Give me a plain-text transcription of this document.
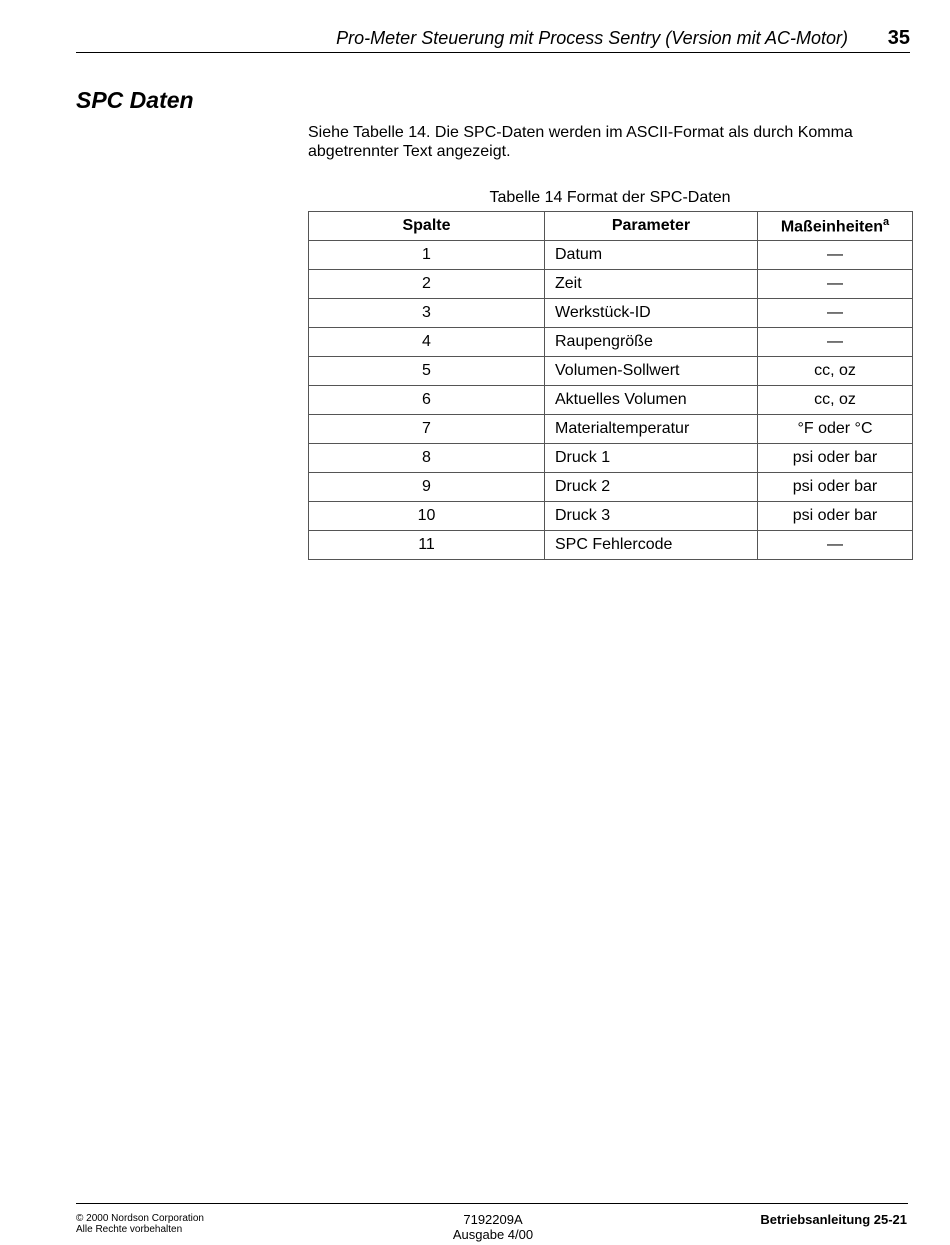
Pro-Meter Steuerung mit Process Sentry (Version mit AC-Motor) 35
SPC Daten
Siehe Tabelle 14. Die SPC-Daten werden im ASCII-Format als durch Komma
abgetrennter Text angezeigt.
Tabelle 14 Format der SPC-Daten
Spalte	Parameter	Maßeinheiten$^a$
1	Datum	—
2	Zeit	—
3	Werkstück-ID	—
4	Raupengröße	—
5	Volumen-Sollwert	cc, oz
6	Aktuelles Volumen	cc, oz
7	Materialtemperatur	°F oder °C
8	Druck 1	psi oder bar
9	Druck 2	psi oder bar
10	Druck 3	psi oder bar
11	SPC Fehlercode	—
© 2000 Nordson Corporation
Alle Rechte vorbehalten
7192209A
Ausgabe 4/00
Betriebsanleitung 25-21
